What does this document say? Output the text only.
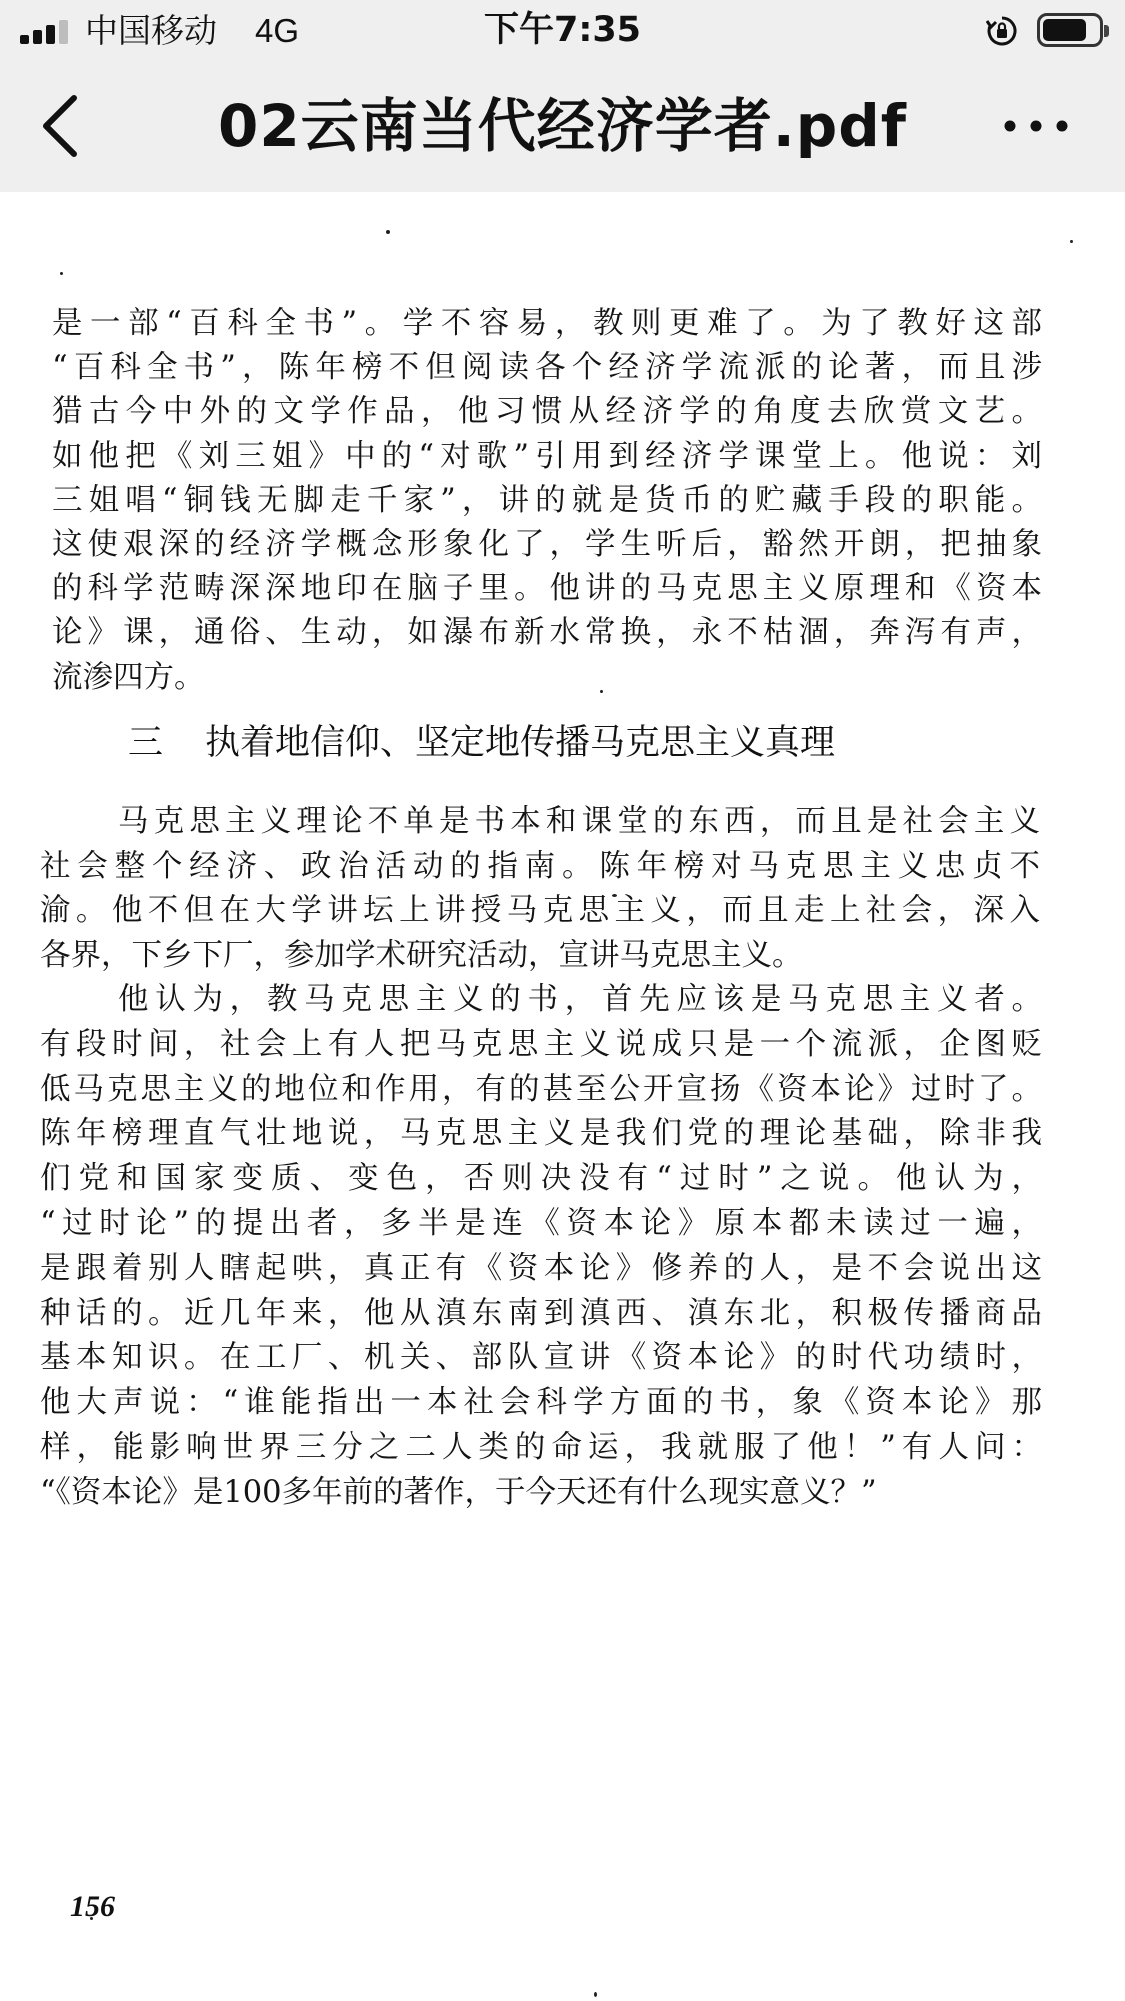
中国移动 4G	下午7:35
02云南当代经济学者.pdf
是一部“百科全书”。学不容易，教则更难了。为了教好这部
“百科全书”，陈年榜不但阅读各个经济学流派的论著，而且涉
猎古今中外的文学作品，他习惯从经济学的角度去欣赏文艺。
如他把《刘三姐》中的“对歌”引用到经济学课堂上。他说：刘
三姐唱“铜钱无脚走千家”，讲的就是货币的贮藏手段的职能。
这使艰深的经济学概念形象化了，学生听后，豁然开朗，把抽象
的科学范畴深深地印在脑子里。他讲的马克思主义原理和《资本
论》课，通俗、生动，如瀑布新水常换，永不枯涸，奔泻有声，
流渗四方。
三 执着地信仰、坚定地传播马克思主义真理
马克思主义理论不单是书本和课堂的东西，而且是社会主义
社会整个经济、政治活动的指南。陈年榜对马克思主义忠贞不
渝。他不但在大学讲坛上讲授马克思主义，而且走上社会，深入
各界，下乡下厂，参加学术研究活动，宣讲马克思主义。
他认为，教马克思主义的书，首先应该是马克思主义者。
有段时间，社会上有人把马克思主义说成只是一个流派，企图贬
低马克思主义的地位和作用，有的甚至公开宣扬《资本论》过时了。
陈年榜理直气壮地说，马克思主义是我们党的理论基础，除非我
们党和国家变质、变色，否则决没有“过时”之说。他认为，
“过时论”的提出者，多半是连《资本论》原本都未读过一遍，
是跟着别人瞎起哄，真正有《资本论》修养的人，是不会说出这
种话的。近几年来，他从滇东南到滇西、滇东北，积极传播商品
基本知识。在工厂、机关、部队宣讲《资本论》的时代功绩时，
他大声说：“谁能指出一本社会科学方面的书，象《资本论》那
样，能影响世界三分之二人类的命运，我就服了他！”有人问：
“《资本论》是100多年前的著作，于今天还有什么现实意义？”
156
